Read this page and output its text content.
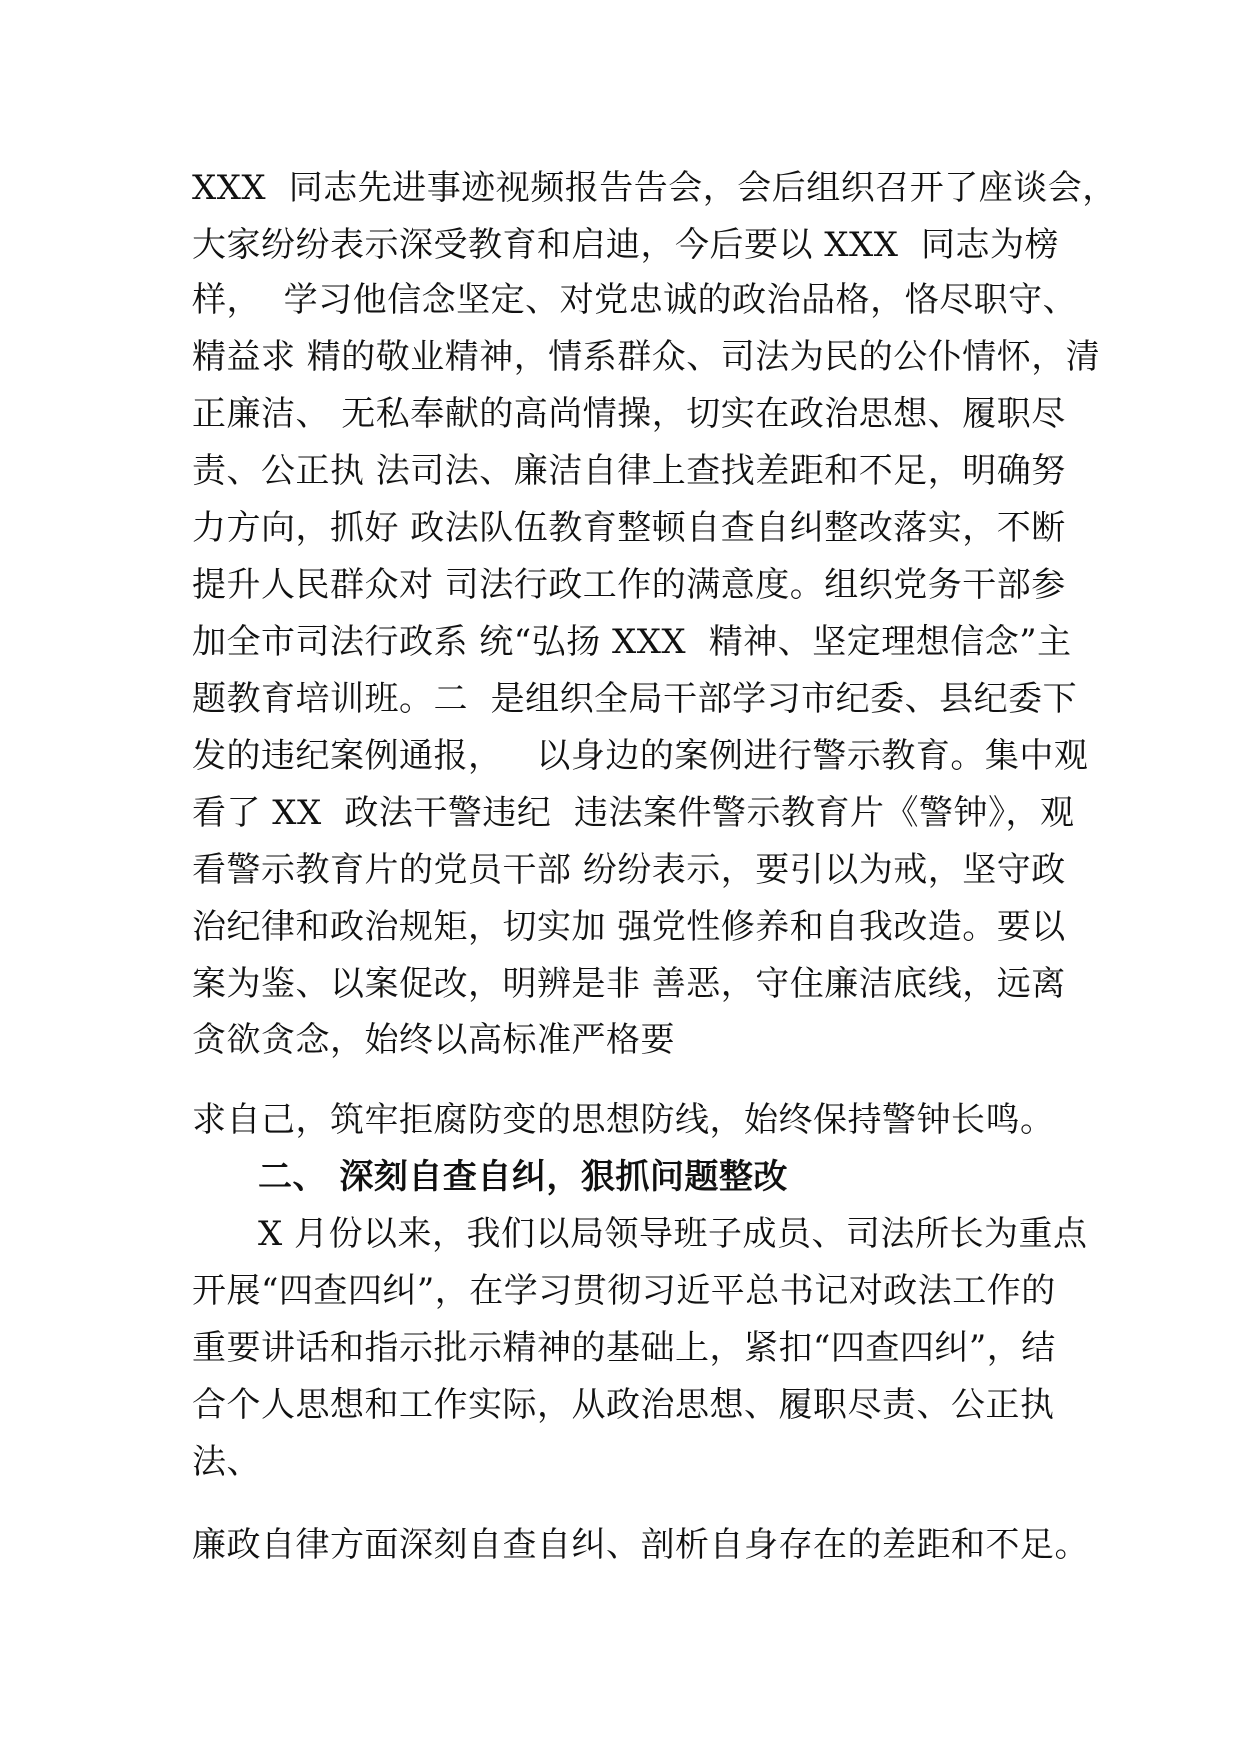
XXX  同志先进事迹视频报告告会，会后组织召开了座谈会，
大家纷纷表示深受教育和启迪，今后要以 XXX  同志为榜
样，  学习他信念坚定、对党忠诚的政治品格，恪尽职守、
精益求 精的敬业精神，情系群众、司法为民的公仆情怀，清
正廉洁、 无私奉献的高尚情操，切实在政治思想、履职尽
责、公正执 法司法、廉洁自律上查找差距和不足，明确努
力方向，抓好 政法队伍教育整顿自查自纠整改落实，不断
提升人民群众对 司法行政工作的满意度。组织党务干部参
加全市司法行政系 统“弘扬 XXX  精神、坚定理想信念”主
题教育培训班。二  是组织全局干部学习市纪委、县纪委下
发的违纪案例通报，   以身边的案例进行警示教育。集中观
看了 XX  政法干警违纪  违法案件警示教育片《警钟》，观
看警示教育片的党员干部 纷纷表示，要引以为戒，坚守政
治纪律和政治规矩，切实加 强党性修养和自我改造。要以
案为鉴、以案促改，明辨是非 善恶，守住廉洁底线，远离
贪欲贪念，始终以高标准严格要
求自己，筑牢拒腐防变的思想防线，始终保持警钟长鸣。
二、 深刻自查自纠，狠抓问题整改
X 月份以来，我们以局领导班子成员、司法所长为重点
开展“四查四纠”，在学习贯彻习近平总书记对政法工作的
重要讲话和指示批示精神的基础上，紧扣“四查四纠”，结
合个人思想和工作实际，从政治思想、履职尽责、公正执
法、
廉政自律方面深刻自查自纠、剖析自身存在的差距和不足。
